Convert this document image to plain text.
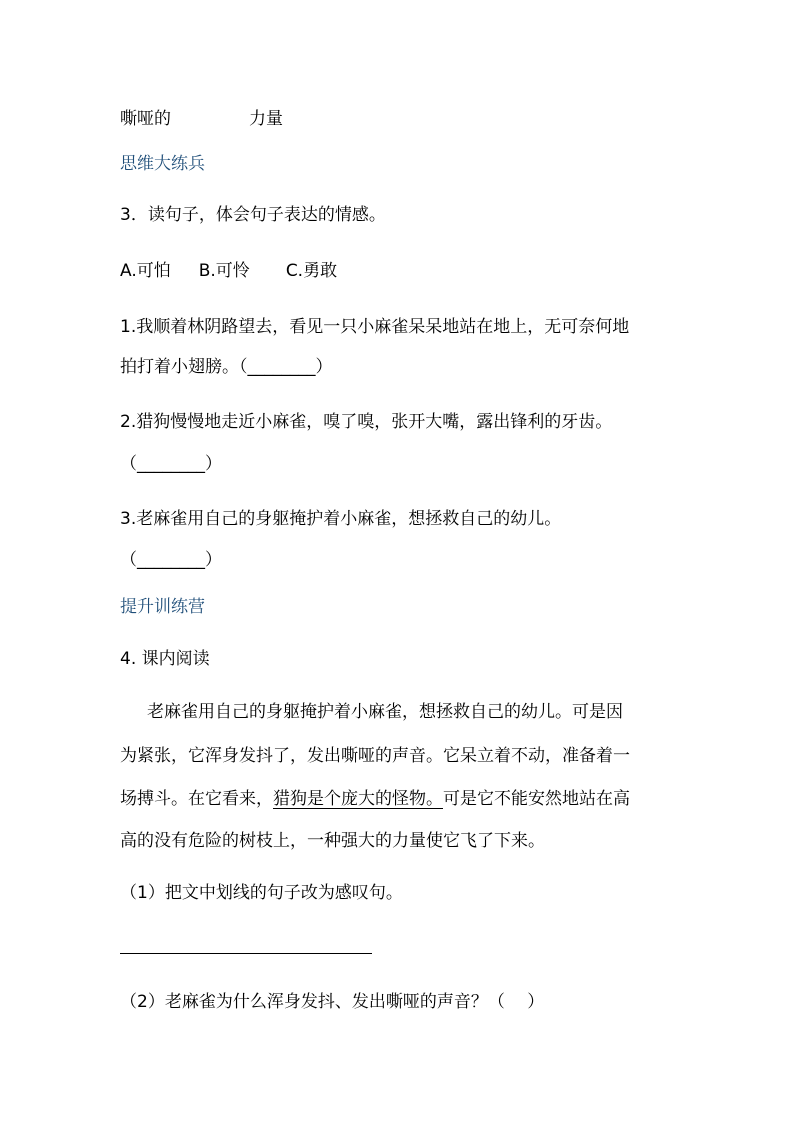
嘶哑的	力量
思维大练兵
3．读句子，体会句子表达的情感。
A.可怕 B.可怜 C.勇敢
1.我顺着林阴路望去，看见一只小麻雀呆呆地站在地上，无可奈何地
拍打着小翅膀。（________）
2.猎狗慢慢地走近小麻雀，嗅了嗅，张开大嘴，露出锋利的牙齿。
（________）
3.老麻雀用自己的身躯掩护着小麻雀，想拯救自己的幼儿。
（________）
提升训练营
4. 课内阅读
老麻雀用自己的身躯掩护着小麻雀，想拯救自己的幼儿。可是因
为紧张，它浑身发抖了，发出嘶哑的声音。它呆立着不动，准备着一
场搏斗。在它看来，猎狗是个庞大的怪物。可是它不能安然地站在高
高的没有危险的树枝上，一种强大的力量使它飞了下来。
（1）把文中划线的句子改为感叹句。
（2）老麻雀为什么浑身发抖、发出嘶哑的声音？（　 ）
